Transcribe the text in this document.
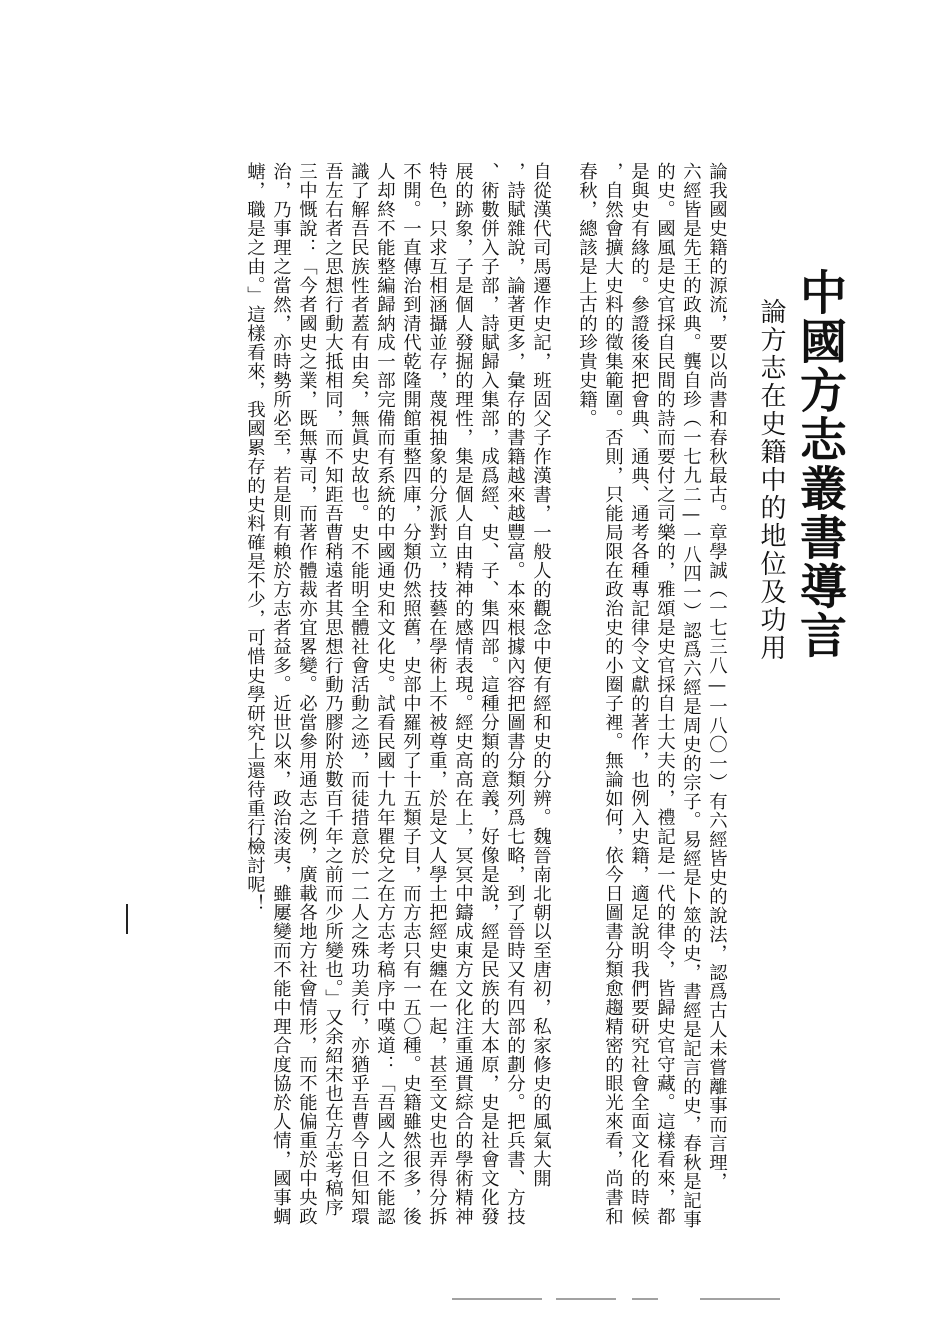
中國方志叢書導言
論方志在史籍中的地位及功用
論我國史籍的源流，要以尚書和春秋最古。章學誠（一七三八—一八〇一）有六經皆史的說法，認爲古人未嘗離事而言理，
六經皆是先王的政典。龔自珍（一七九二—一八四一）認爲六經是周史的宗子。易經是卜筮的史，書經是記言的史，春秋是記事
的史。國風是史官採自民間的詩而要付之司樂的，雅頌是史官採自士大夫的，禮記是一代的律令，皆歸史官守藏。這樣看來，都
是與史有緣的。參證後來把會典、通典、通考各種專記律令文獻的著作，也例入史籍，適足說明我們要研究社會全面文化的時候
，自然會擴大史料的徵集範圍。否則，只能局限在政治史的小圈子裡。無論如何，依今日圖書分類愈趨精密的眼光來看，尚書和
春秋，總該是上古的珍貴史籍。
自從漢代司馬遷作史記，班固父子作漢書，一般人的觀念中便有經和史的分辨。魏晉南北朝以至唐初，私家修史的風氣大開
，詩賦雜說，論著更多，彙存的書籍越來越豐富。本來根據內容把圖書分類列爲七略，到了晉時又有四部的劃分。把兵書、方技
、術數併入子部，詩賦歸入集部，成爲經、史、子、集四部。這種分類的意義，好像是說，經是民族的大本原，史是社會文化發
展的跡象，子是個人發掘的理性，集是個人自由精神的感情表現。經史高高在上，冥冥中鑄成東方文化注重通貫綜合的學術精神
特色，只求互相涵攝並存，蔑視抽象的分派對立，技藝在學術上不被尊重，於是文人學士把經史纏在一起，甚至文史也弄得分拆
不開。一直傳治到清代乾隆開館重整四庫，分類仍然照舊，史部中羅列了十五類子目，而方志只有一五〇種。史籍雖然很多，後
人却終不能整編歸納成一部完備而有系統的中國通史和文化史。試看民國十九年瞿兌之在方志考稿序中嘆道：「吾國人之不能認
識了解吾民族性者蓋有由矣，無眞史故也。史不能明全體社會活動之迹，而徒措意於一二人之殊功美行，亦猶乎吾曹今日但知環
吾左右者之思想行動大抵相同，而不知距吾曹稍遠者其思想行動乃膠附於數百千年之前而少所變也。」又余紹宋也在方志考稿序
三中慨說：「今者國史之業，既無專司，而著作體裁亦宜畧變。必當參用通志之例，廣載各地方社會情形，而不能偏重於中央政
治，乃事理之當然，亦時勢所必至，若是則有賴於方志者益多。近世以來，政治淩夷，雖屢變而不能中理合度協於人情，國事蜩
螗，職是之由。」這樣看來，我國累存的史料確是不少，可惜史學研究上還待重行檢討呢！
